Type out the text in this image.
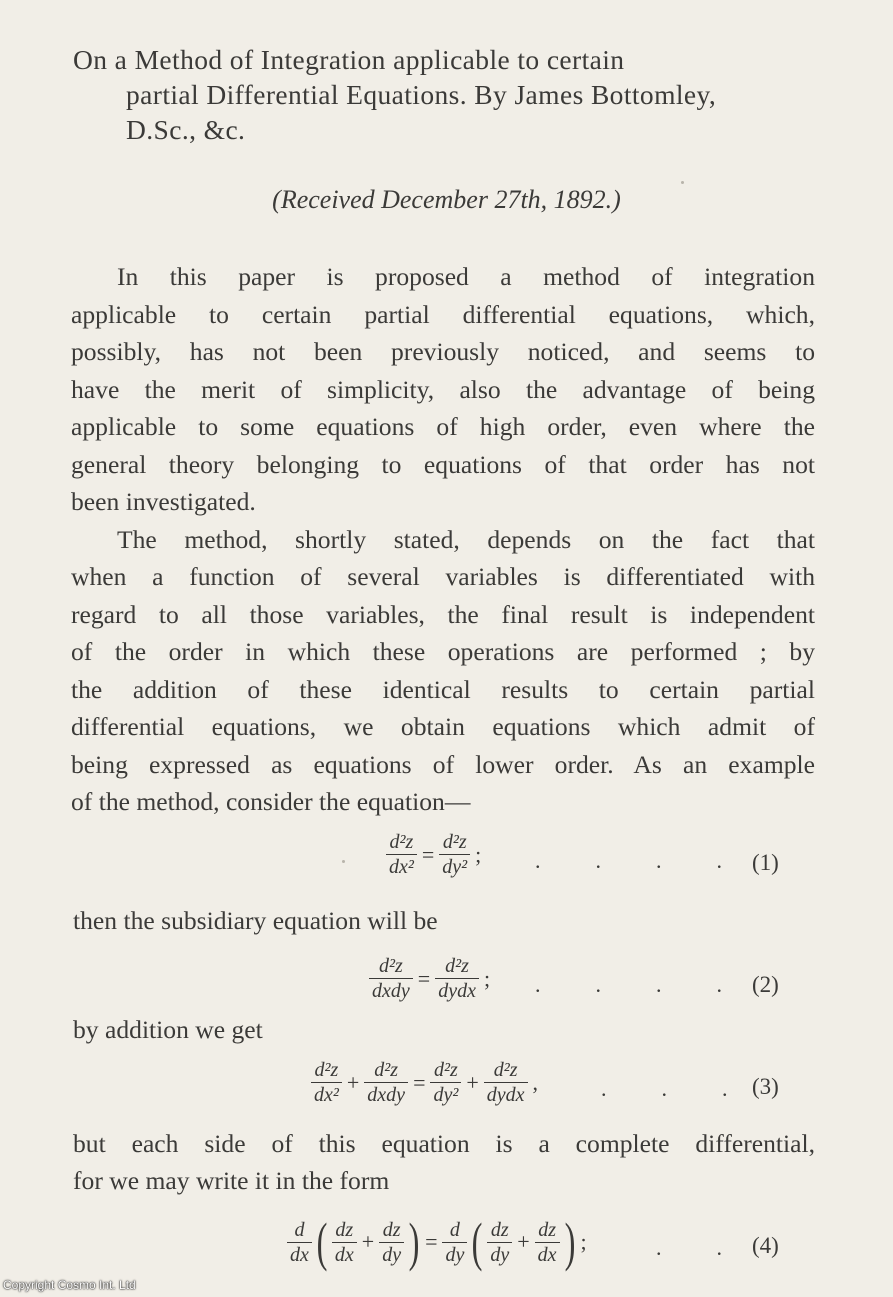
On a Method of Integration applicable to certain
partial Differential Equations. By James Bottomley,
D.Sc., &c.
(Received December 27th, 1892.)
In this paper is proposed a method of integration
applicable to certain partial differential equations, which,
possibly, has not been previously noticed, and seems to
have the merit of simplicity, also the advantage of being
applicable to some equations of high order, even where the
general theory belonging to equations of that order has not
been investigated.
The method, shortly stated, depends on the fact that
when a function of several variables is differentiated with
regard to all those variables, the final result is independent
of the order in which these operations are performed ; by
the addition of these identical results to certain partial
differential equations, we obtain equations which admit of
being expressed as equations of lower order. As an example
of the method, consider the equation—
$\frac{\text{d²z}}{\text{dx²}} = \frac{\text{d²z}}{\text{dy²}}$ ; .          .          .          . (1)
then the subsidiary equation will be
$\frac{\text{d²z}}{\text{dxdy}} = \frac{\text{d²z}}{\text{dydx}}$ ; .          .          .          . (2)
by addition we get
$\frac{\text{d²z}}{\text{dx²}} + \frac{\text{d²z}}{\text{dxdy}} = \frac{\text{d²z}}{\text{dy²}} + \frac{\text{d²z}}{\text{dydx}}$ ,	.          .          . (3)
but each side of this equation is a complete differential,
for we may write it in the form
$\frac{d}{dx}$ ( $\frac{dz}{dx} + \frac{dz}{dy}$ ) = $\frac{d}{dy}$ ( $\frac{dz}{dy} + \frac{dz}{dx}$ ) ;	.          . (4)
Copyright Cosmo Int. Ltd
